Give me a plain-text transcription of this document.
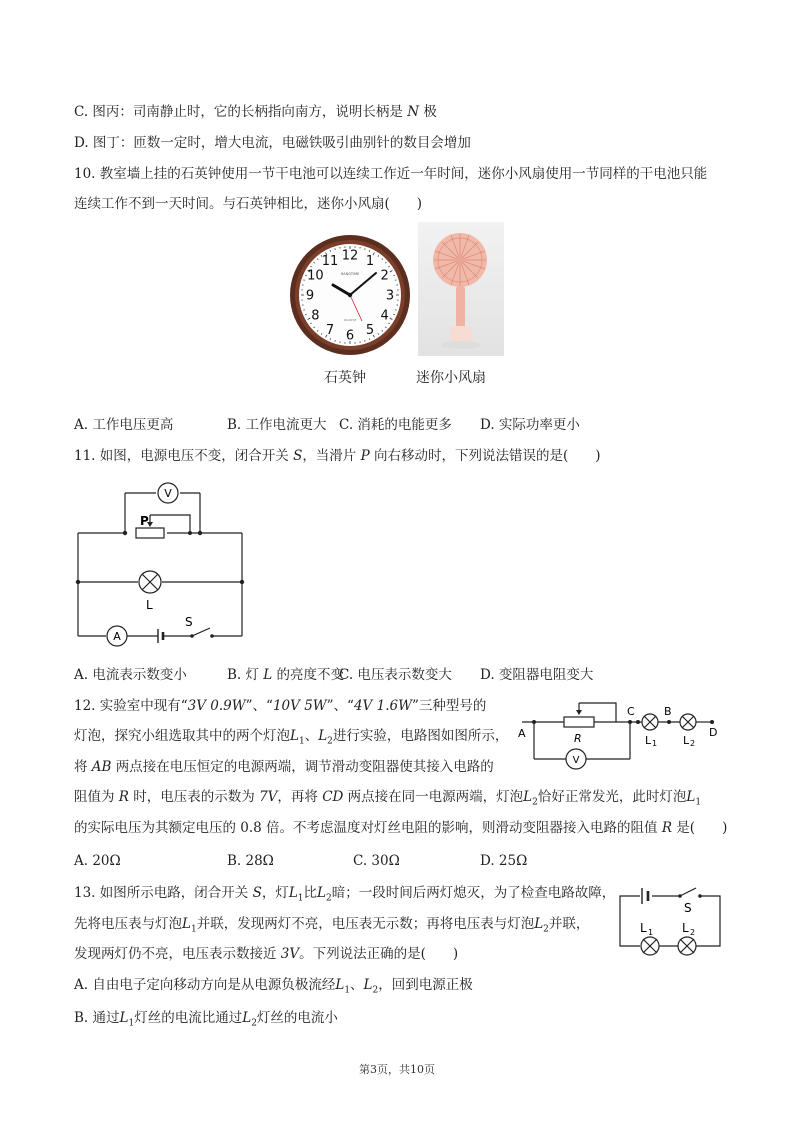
C. 图丙：司南静止时，它的长柄指向南方，说明长柄是 N 极
D. 图丁：匝数一定时，增大电流，电磁铁吸引曲别针的数目会增加
10. 教室墙上挂的石英钟使用一节干电池可以连续工作近一年时间，迷你小风扇使用一节同样的干电池只能
连续工作不到一天时间。与石英钟相比，迷你小风扇(　　)
12 1
2
3
4
5
6
7
8
9
10
11
HANGTIME
QUARTZ
石英钟	迷你小风扇
A. 工作电压更高	B. 工作电流更大 C. 消耗的电能更多 D. 实际功率更小
11. 如图，电源电压不变，闭合开关 S，当滑片 P 向右移动时，下列说法错误的是(　　)
V
P
L
A
S
A. 电流表示数变小	B. 灯 L 的亮度不变
C. 电压表示数变大 D. 变阻器电阻变大
12. 实验室中现有“3V 0.9W”、“10V 5W”、“4V 1.6W”三种型号的
灯泡，探究小组选取其中的两个灯泡$L_1$、$L_2$进行实验，电路图如图所示，
将 AB 两点接在电压恒定的电源两端，调节滑动变阻器使其接入电路的
阻值为 R 时，电压表的示数为 7V，再将 CD 两点接在同一电源两端，灯泡$L_2$恰好正常发光，此时灯泡$L_1$
的实际电压为其额定电压的 0.8 倍。不考虑温度对灯丝电阻的影响，则滑动变阻器接入电路的阻值 R 是(　　)
A
C	B
D
R
V
L 1 L 2
A. 20Ω	B. 28Ω	C. 30Ω	D. 25Ω
13. 如图所示电路，闭合开关 S，灯$L_1$比$L_2$暗；一段时间后两灯熄灭，为了检查电路故障，
先将电压表与灯泡$L_1$并联，发现两灯不亮，电压表无示数；再将电压表与灯泡$L_2$并联，
发现两灯仍不亮，电压表示数接近 3V。下列说法正确的是(　　)
S
L 1 L 2
A. 自由电子定向移动方向是从电源负极流经$L_1$、$L_2$，回到电源正极
B. 通过$L_1$灯丝的电流比通过$L_2$灯丝的电流小
第3页，共10页
